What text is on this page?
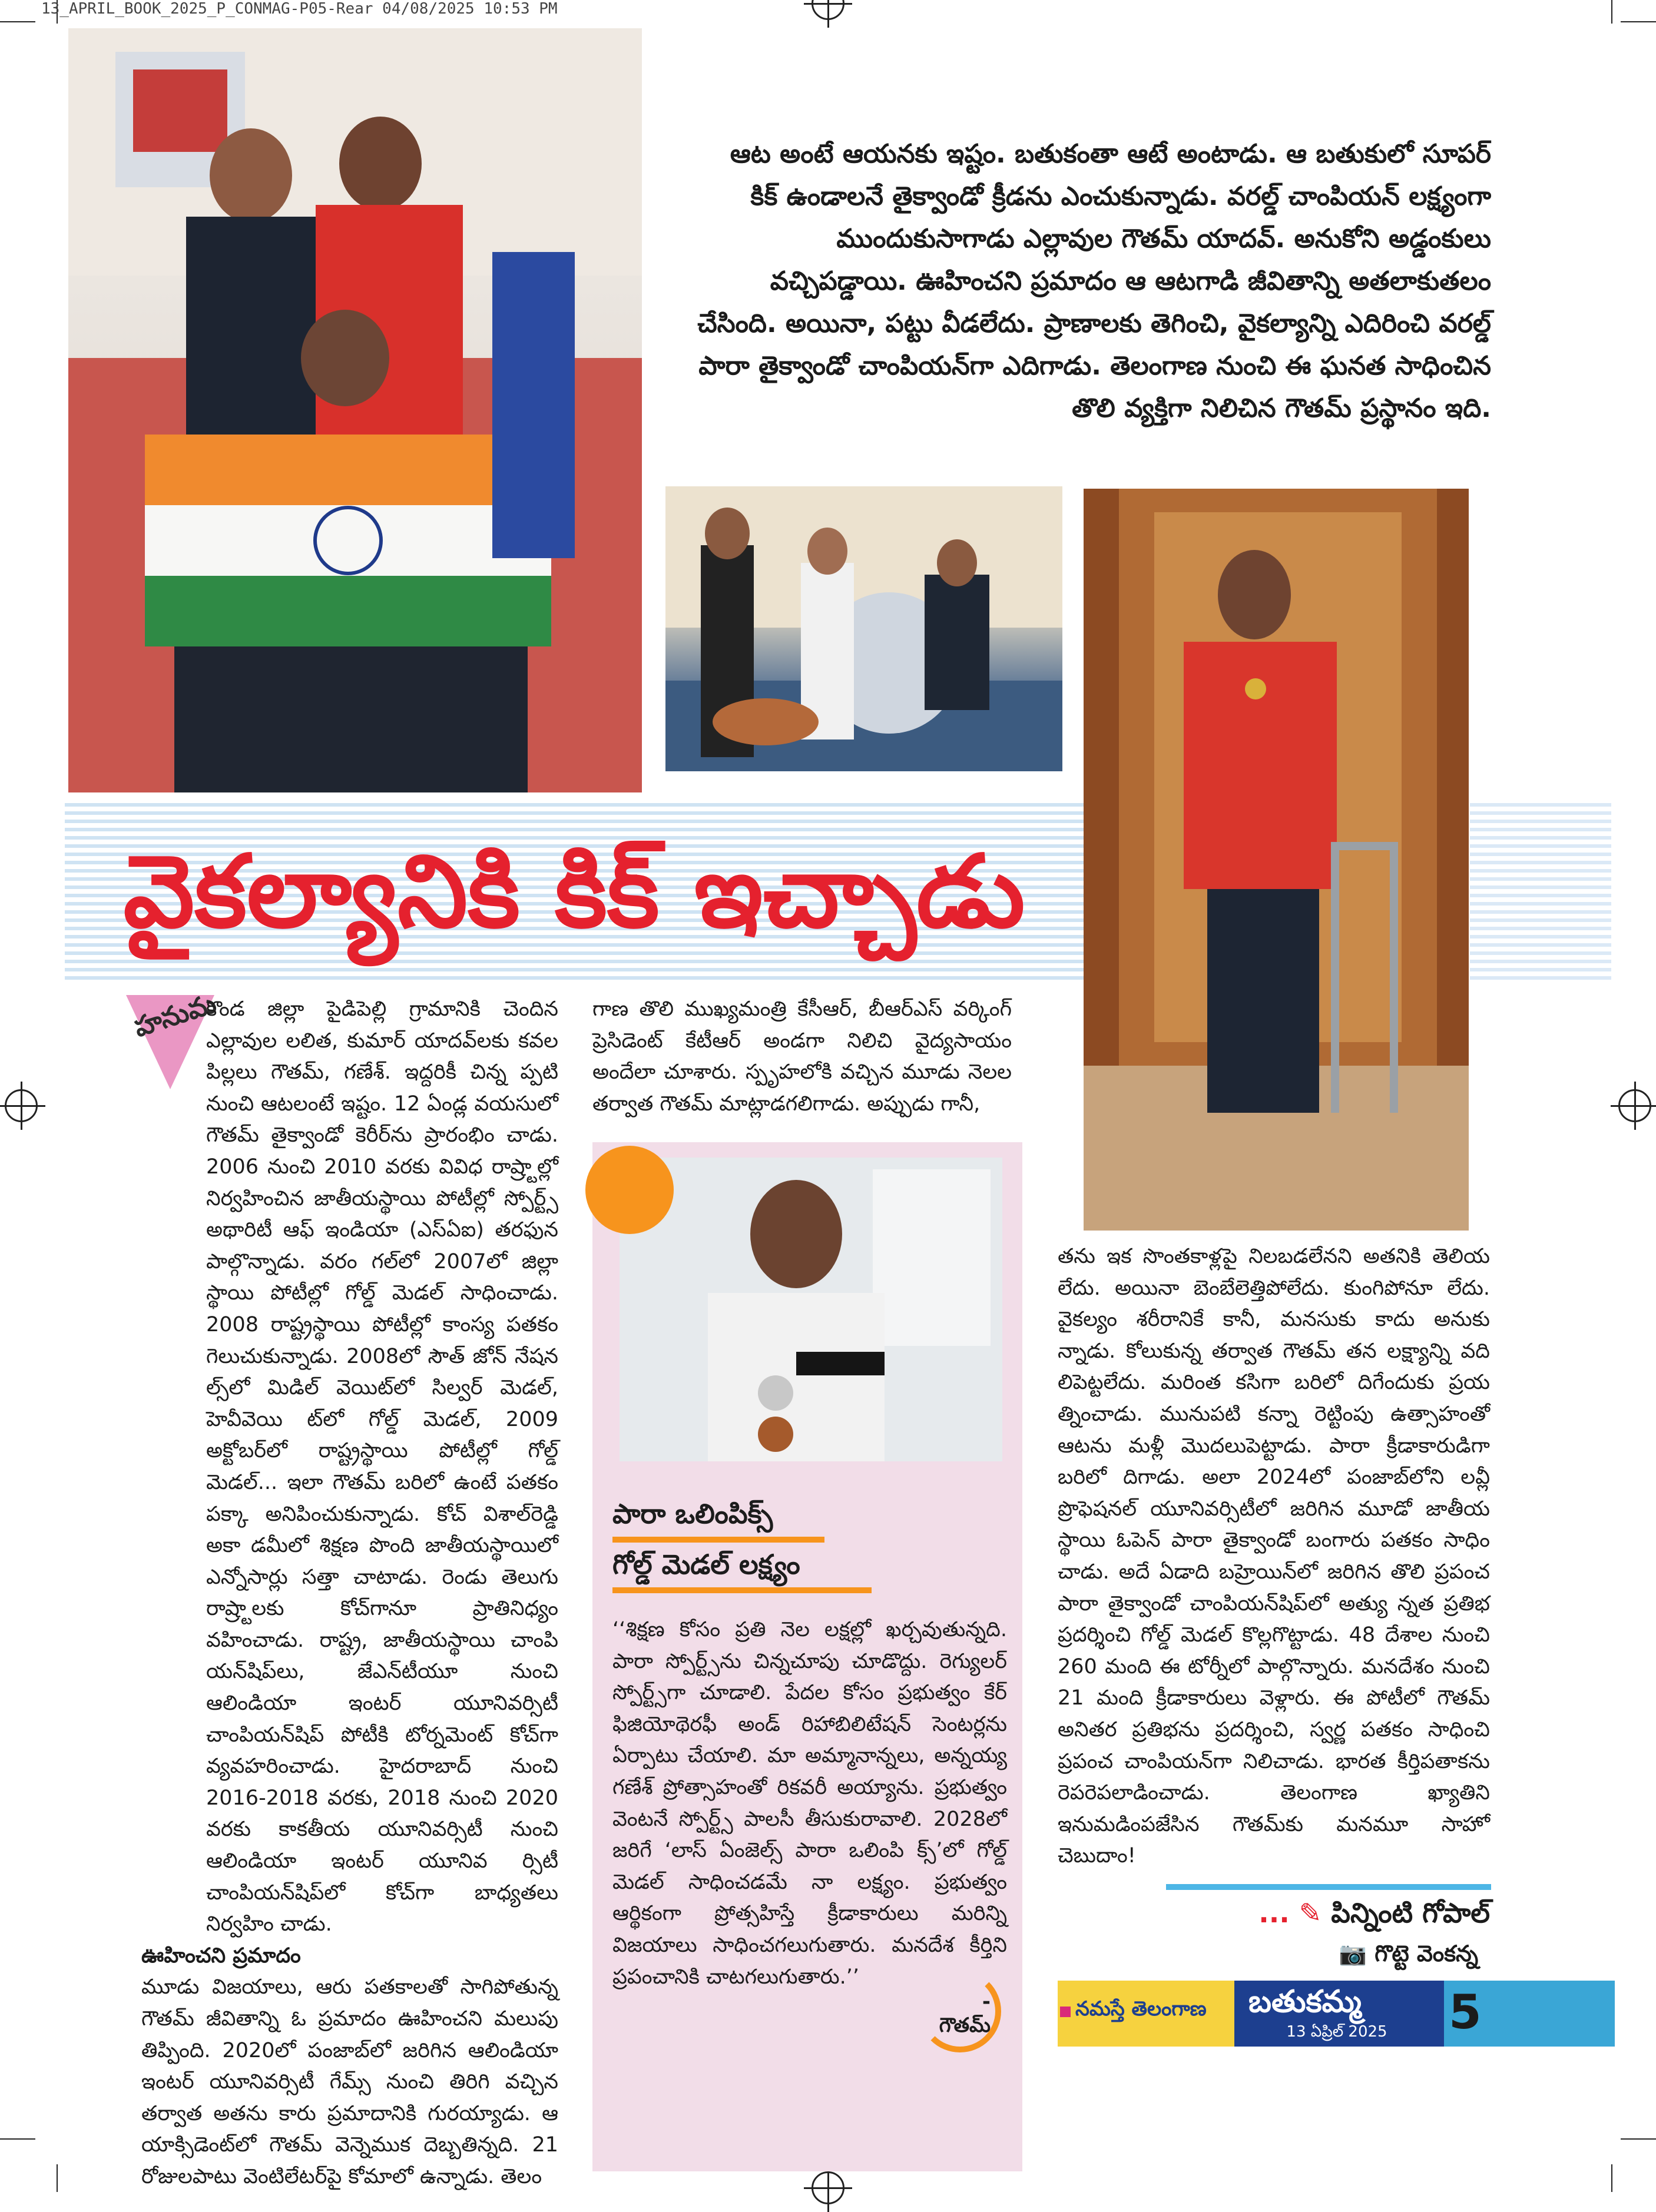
13_APRIL_BOOK_2025_P_CONMAG-P05-Rear 04/08/2025 10:53 PM
ఆట అంటే ఆయనకు ఇష్టం. బతుకంతా ఆటే అంటాడు. ఆ బతుకులో సూపర్ కిక్ ఉండాలనే తైక్వాండో క్రీడను ఎంచుకున్నాడు. వరల్డ్ చాంపియన్ లక్ష్యంగా ముందుకుసాగాడు ఎల్లావుల గౌతమ్ యాదవ్. అనుకోని అడ్డంకులు వచ్చిపడ్డాయి. ఊహించని ప్రమాదం ఆ ఆటగాడి జీవితాన్ని అతలాకుతలం చేసింది. అయినా, పట్టు వీడలేదు. ప్రాణాలకు తెగించి, వైకల్యాన్ని ఎదిరించి వరల్డ్ పారా తైక్వాండో చాంపియన్‌గా ఎదిగాడు. తెలంగాణ నుంచి ఈ ఘనత సాధించిన తొలి వ్యక్తిగా నిలిచిన గౌతమ్ ప్రస్థానం ఇది.
వైకల్యానికి కిక్ ఇచ్చాడు
హనుమ

కొండ జిల్లా పైడిపెల్లి గ్రామానికి చెందిన ఎల్లావుల లలిత, కుమార్ యాదవ్‌లకు కవల పిల్లలు గౌతమ్, గణేశ్. ఇద్దరికీ చిన్న ప్పటి నుంచి ఆటలంటే ఇష్టం. 12 ఏండ్ల వయసులో గౌతమ్ తైక్వాండో కెరీర్‌ను ప్రారంభిం చాడు. 2006 నుంచి 2010 వరకు వివిధ రాష్ర్టాల్లో నిర్వహించిన జాతీయస్థాయి పోటీల్లో స్పోర్ట్స్ అథారిటీ ఆఫ్ ఇండియా (ఎస్‌ఏఐ) తరఫున పాల్గొన్నాడు. వరం గల్‌లో 2007లో జిల్లా స్థాయి పోటీల్లో గోల్డ్ మెడల్ సాధించాడు. 2008 రాష్ట్రస్థాయి పోటీల్లో కాంస్య పతకం గెలుచుకున్నాడు. 2008లో సౌత్ జోన్ నేషన ల్స్‌లో మిడిల్ వెయిట్‌లో సిల్వర్ మెడల్, హెవీవెయి ట్‌లో గోల్డ్ మెడల్, 2009 అక్టోబర్‌లో రాష్ట్రస్థాయి పోటీల్లో గోల్డ్ మెడల్... ఇలా గౌతమ్ బరిలో ఉంటే పతకం పక్కా అనిపించుకున్నాడు. కోచ్ విశాల్‌రెడ్డి అకా డమీలో శిక్షణ పొంది జాతీయస్థాయిలో ఎన్నోసార్లు సత్తా చాటాడు. రెండు తెలుగు రాష్ర్టాలకు కోచ్‌గానూ ప్రాతినిధ్యం వహించాడు. రాష్ట్ర, జాతీయస్థాయి చాంపి యన్‌షిప్‌లు, జేఎన్‌టీయూ నుంచి ఆలిండియా ఇంటర్ యూనివర్సిటీ చాంపియన్‌షిప్ పోటీకి టోర్నమెంట్ కోచ్‌గా వ్యవహరించాడు. హైదరాబాద్ నుంచి 2016-2018 వరకు, 2018 నుంచి 2020 వరకు కాకతీయ యూనివర్సిటీ నుంచి ఆలిండియా ఇంటర్ యూనివ ర్సిటీ చాంపియన్‌షిప్‌లో కోచ్‌గా బాధ్యతలు నిర్వహిం చాడు.

ఊహించని ప్రమాదం

మూడు విజయాలు, ఆరు పతకాలతో సాగిపోతున్న గౌతమ్ జీవితాన్ని ఓ ప్రమాదం ఊహించని మలుపు తిప్పింది. 2020లో పంజాబ్‌లో జరిగిన ఆలిండియా ఇంటర్ యూనివర్సిటీ గేమ్స్ నుంచి తిరిగి వచ్చిన తర్వాత అతను కారు ప్రమాదానికి గురయ్యాడు. ఆ యాక్సిడెంట్‌లో గౌతమ్ వెన్నెముక దెబ్బతిన్నది. 21 రోజులపాటు వెంటిలేటర్‌పై కోమాలో ఉన్నాడు. తెలం

గాణ తొలి ముఖ్యమంత్రి కేసీఆర్, బీఆర్‌ఎస్ వర్కింగ్ ప్రెసిడెంట్ కేటీఆర్ అండగా నిలిచి వైద్యసాయం అందేలా చూశారు. స్పృహలోకి వచ్చిన మూడు నెలల తర్వాత గౌతమ్ మాట్లాడగలిగాడు. అప్పుడు గానీ,

పారా ఒలింపిక్స్
గోల్డ్ మెడల్ లక్ష్యం
‘‘శిక్షణ కోసం ప్రతి నెల లక్షల్లో ఖర్చవుతున్నది. పారా స్పోర్ట్స్‌ను చిన్నచూపు చూడొద్దు. రెగ్యులర్ స్పోర్ట్స్‌గా చూడాలి. పేదల కోసం ప్రభుత్వం కేర్ ఫిజియోథెరఫీ అండ్ రిహాబిలిటేషన్ సెంటర్లను ఏర్పాటు చేయాలి. మా అమ్మానాన్నలు, అన్నయ్య గణేశ్ ప్రోత్సాహంతో రికవరీ అయ్యాను. ప్రభుత్వం వెంటనే స్పోర్ట్స్ పాలసీ తీసుకురావాలి. 2028లో జరిగే ‘లాస్ ఏంజెల్స్ పారా ఒలింపి క్స్’లో గోల్డ్ మెడల్ సాధించడమే నా లక్ష్యం. ప్రభుత్వం ఆర్థికంగా ప్రోత్సహిస్తే క్రీడాకారులు మరిన్ని విజయాలు సాధించగలుగుతారు. మనదేశ కీర్తిని ప్రపంచానికి చాటగలుగుతారు.’’
- గౌతమ్

తను ఇక సొంతకాళ్లపై నిలబడలేనని అతనికి తెలియ లేదు. అయినా బెంబేలెత్తిపోలేదు. కుంగిపోనూ లేదు. వైకల్యం శరీరానికే కానీ, మనసుకు కాదు అనుకు న్నాడు. కోలుకున్న తర్వాత గౌతమ్ తన లక్ష్యాన్ని వది లిపెట్టలేదు. మరింత కసిగా బరిలో దిగేందుకు ప్రయ త్నించాడు. మునుపటి కన్నా రెట్టింపు ఉత్సాహంతో ఆటను మళ్లీ మొదలుపెట్టాడు. పారా క్రీడాకారుడిగా బరిలో దిగాడు. అలా 2024లో పంజాబ్‌లోని లవ్లీ ప్రొఫెషనల్ యూనివర్సిటీలో జరిగిన మూడో జాతీయ స్థాయి ఓపెన్ పారా తైక్వాండో బంగారు పతకం సాధిం చాడు. అదే ఏడాది బహ్రెయిన్‌లో జరిగిన తొలి ప్రపంచ పారా తైక్వాండో చాంపియన్‌షిప్‌లో అత్యు న్నత ప్రతిభ ప్రదర్శించి గోల్డ్ మెడల్ కొల్లగొట్టాడు. 48 దేశాల నుంచి 260 మంది ఈ టోర్నీలో పాల్గొన్నారు. మనదేశం నుంచి 21 మంది క్రీడాకారులు వెళ్లారు. ఈ పోటీలో గౌతమ్ అనితర ప్రతిభను ప్రదర్శించి, స్వర్ణ పతకం సాధించి ప్రపంచ చాంపియన్‌గా నిలిచాడు. భారత కీర్తిపతాకను రెపరెపలాడించాడు. తెలంగాణ ఖ్యాతిని ఇనుమడింపజేసిన గౌతమ్‌కు మనమూ సాహో చెబుదాం!

... ✎ పిన్నింటి గోపాల్
📷 గొట్టె వెంకన్న
నమస్తే తెలంగాణ	బతుకమ్మ
13 ఏప్రిల్ 2025	5
